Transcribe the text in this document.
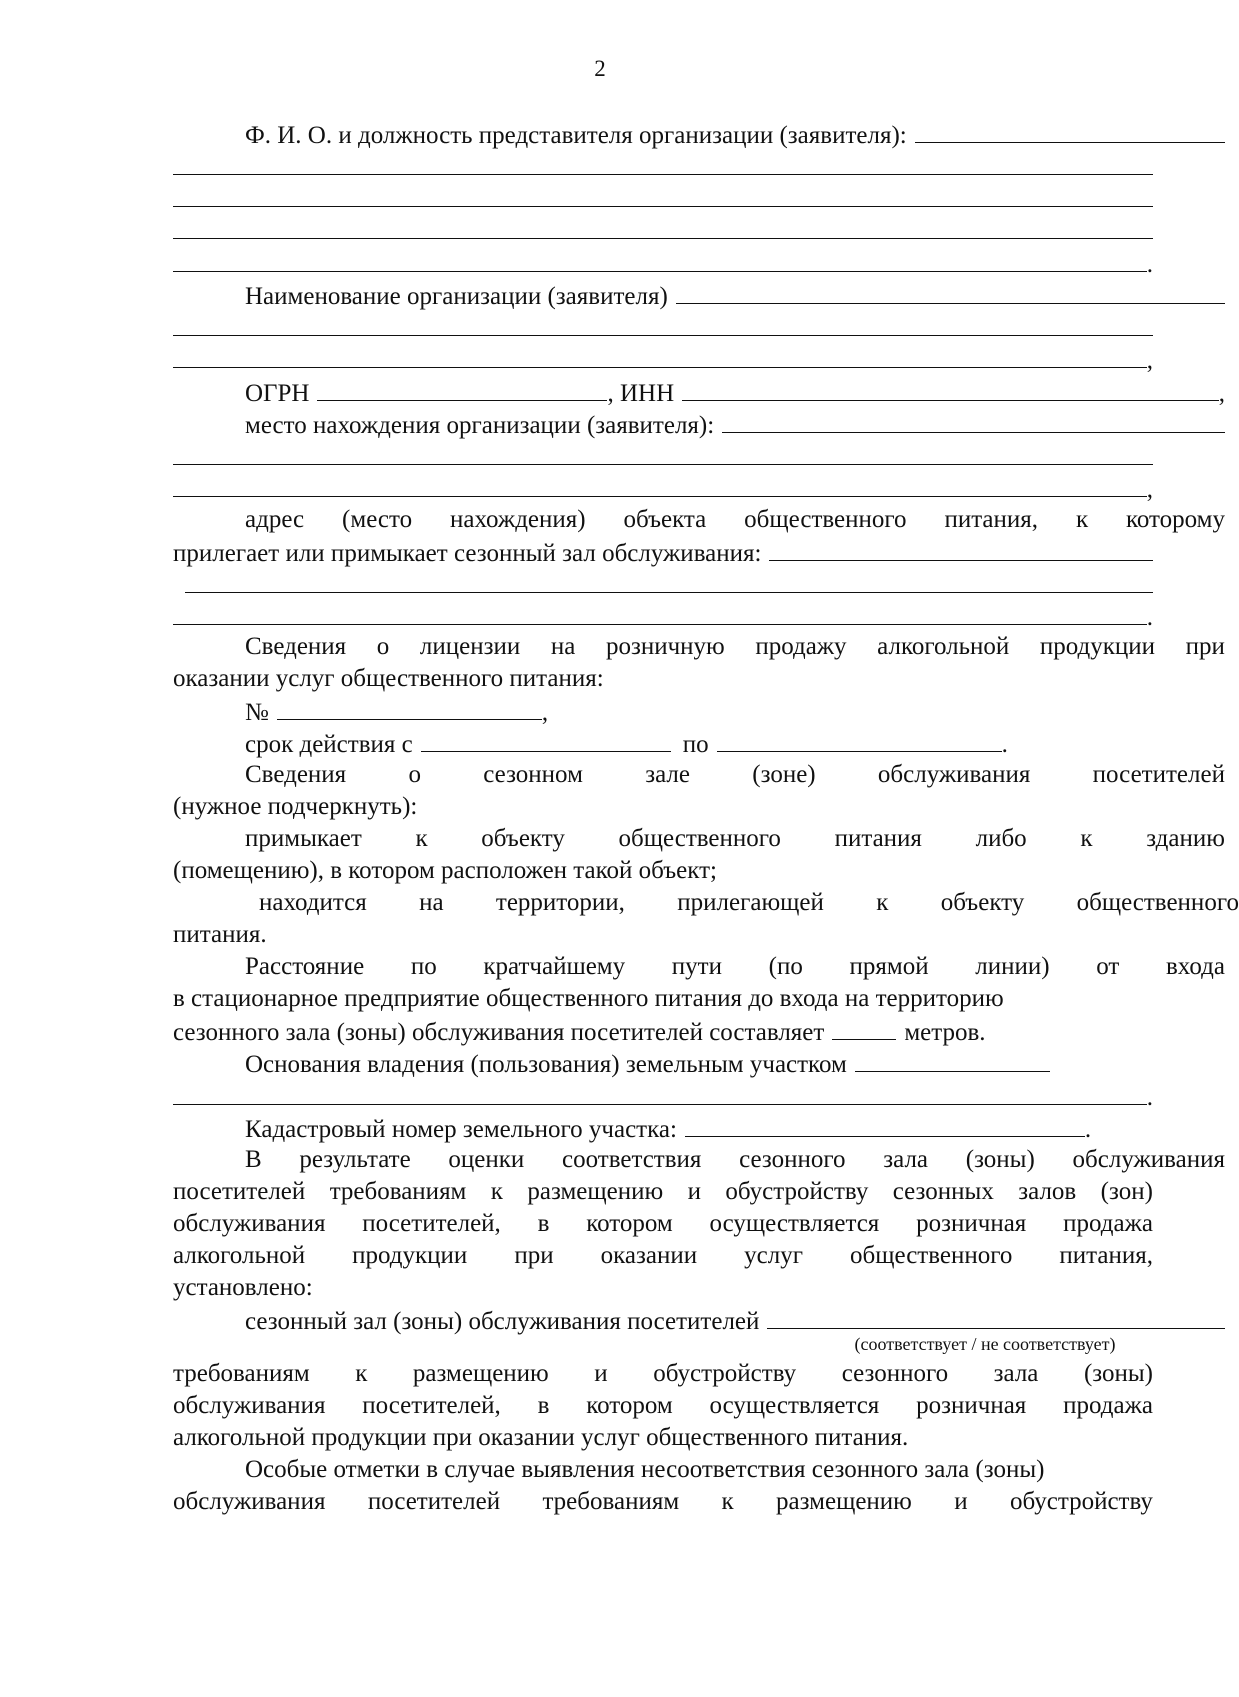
2
Ф. И. О. и должность представителя организации (заявителя):
.
Наименование организации (заявителя)
,
ОГРН	, ИНН	,
место нахождения организации (заявителя):
,
адрес (место нахождения) объекта общественного питания, к которому
прилегает или примыкает сезонный зал обслуживания:
.
Сведения о лицензии на розничную продажу алкогольной продукции при
оказании услуг общественного питания:
№	,
срок действия с	по	.
Сведения о сезонном зале (зоне) обслуживания посетителей
(нужное подчеркнуть):
примыкает к объекту общественного питания либо к зданию
(помещению), в котором расположен такой объект;
находится на территории, прилегающей к объекту общественного
питания.
Расстояние по кратчайшему пути (по прямой линии) от входа
в стационарное предприятие общественного питания до входа на территорию
сезонного зала (зоны) обслуживания посетителей составляет	метров.
Основания владения (пользования) земельным участком
.
Кадастровый номер земельного участка:	.
В результате оценки соответствия сезонного зала (зоны) обслуживания
посетителей требованиям к размещению и обустройству сезонных залов (зон)
обслуживания посетителей, в котором осуществляется розничная продажа
алкогольной продукции при оказании услуг общественного питания,
установлено:
сезонный зал (зоны) обслуживания посетителей
(соответствует / не соответствует)
требованиям к размещению и обустройству сезонного зала (зоны)
обслуживания посетителей, в котором осуществляется розничная продажа
алкогольной продукции при оказании услуг общественного питания.
Особые отметки в случае выявления несоответствия сезонного зала (зоны)
обслуживания посетителей требованиям к размещению и обустройству
